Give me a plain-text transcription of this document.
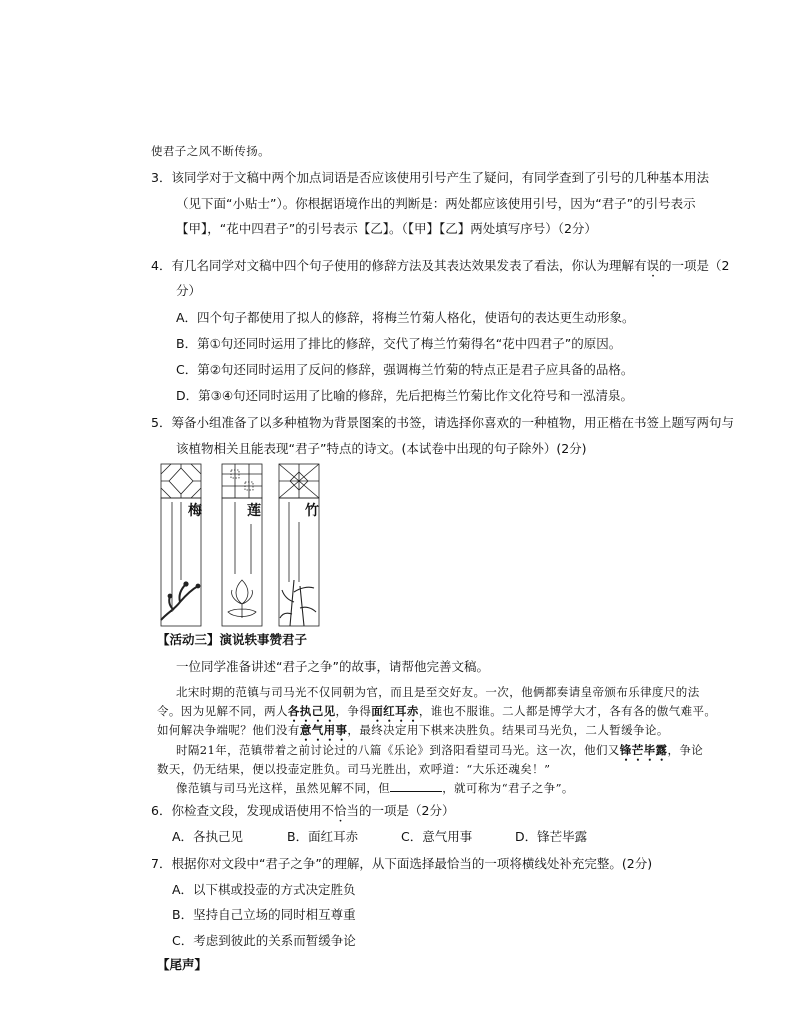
使君子之风不断传扬。
3．该同学对于文稿中两个加点词语是否应该使用引号产生了疑问，有同学查到了引号的几种基本用法
（见下面“小贴士”）。你根据语境作出的判断是：两处都应该使用引号，因为“君子”的引号表示
【甲】，“花中四君子”的引号表示【乙】。（【甲】【乙】两处填写序号）（2分）
4．有几名同学对文稿中四个句子使用的修辞方法及其表达效果发表了看法，你认为理解有误的一项是（2
分）
A．四个句子都使用了拟人的修辞，将梅兰竹菊人格化，使语句的表达更生动形象。
B．第①句还同时运用了排比的修辞，交代了梅兰竹菊得名“花中四君子”的原因。
C．第②句还同时运用了反问的修辞，强调梅兰竹菊的特点正是君子应具备的品格。
D．第③④句还同时运用了比喻的修辞，先后把梅兰竹菊比作文化符号和一泓清泉。
5．筹备小组准备了以多种植物为背景图案的书签，请选择你喜欢的一种植物，用正楷在书签上题写两句与
该植物相关且能表现“君子”特点的诗文。(本试卷中出现的句子除外）(2分)
梅	莲	竹
【活动三】演说轶事赞君子
一位同学准备讲述“君子之争”的故事，请帮他完善文稿。
北宋时期的范镇与司马光不仅同朝为官，而且是至交好友。一次，他俩都奏请皇帝颁布乐律度尺的法
令。因为见解不同，两人各执己见，争得面红耳赤，谁也不服谁。二人都是博学大才，各有各的傲气难平。
如何解决争端呢？他们没有意气用事，最终决定用下棋来决胜负。结果司马光负，二人暂缓争论。
时隔21年，范镇带着之前讨论过的八篇《乐论》到洛阳看望司马光。这一次，他们又锋芒毕露，争论
数天，仍无结果，便以投壶定胜负。司马光胜出，欢呼道：“大乐还魂矣！”
像范镇与司马光这样，虽然见解不同，但	，就可称为“君子之争”。
6．你检查文段，发现成语使用不恰当的一项是（2分）
A．各执己见	B．面红耳赤	C．意气用事	D．锋芒毕露
7．根据你对文段中“君子之争”的理解，从下面选择最恰当的一项将横线处补充完整。(2分)
A．以下棋或投壶的方式决定胜负
B．坚持自己立场的同时相互尊重
C．考虑到彼此的关系而暂缓争论
【尾声】
